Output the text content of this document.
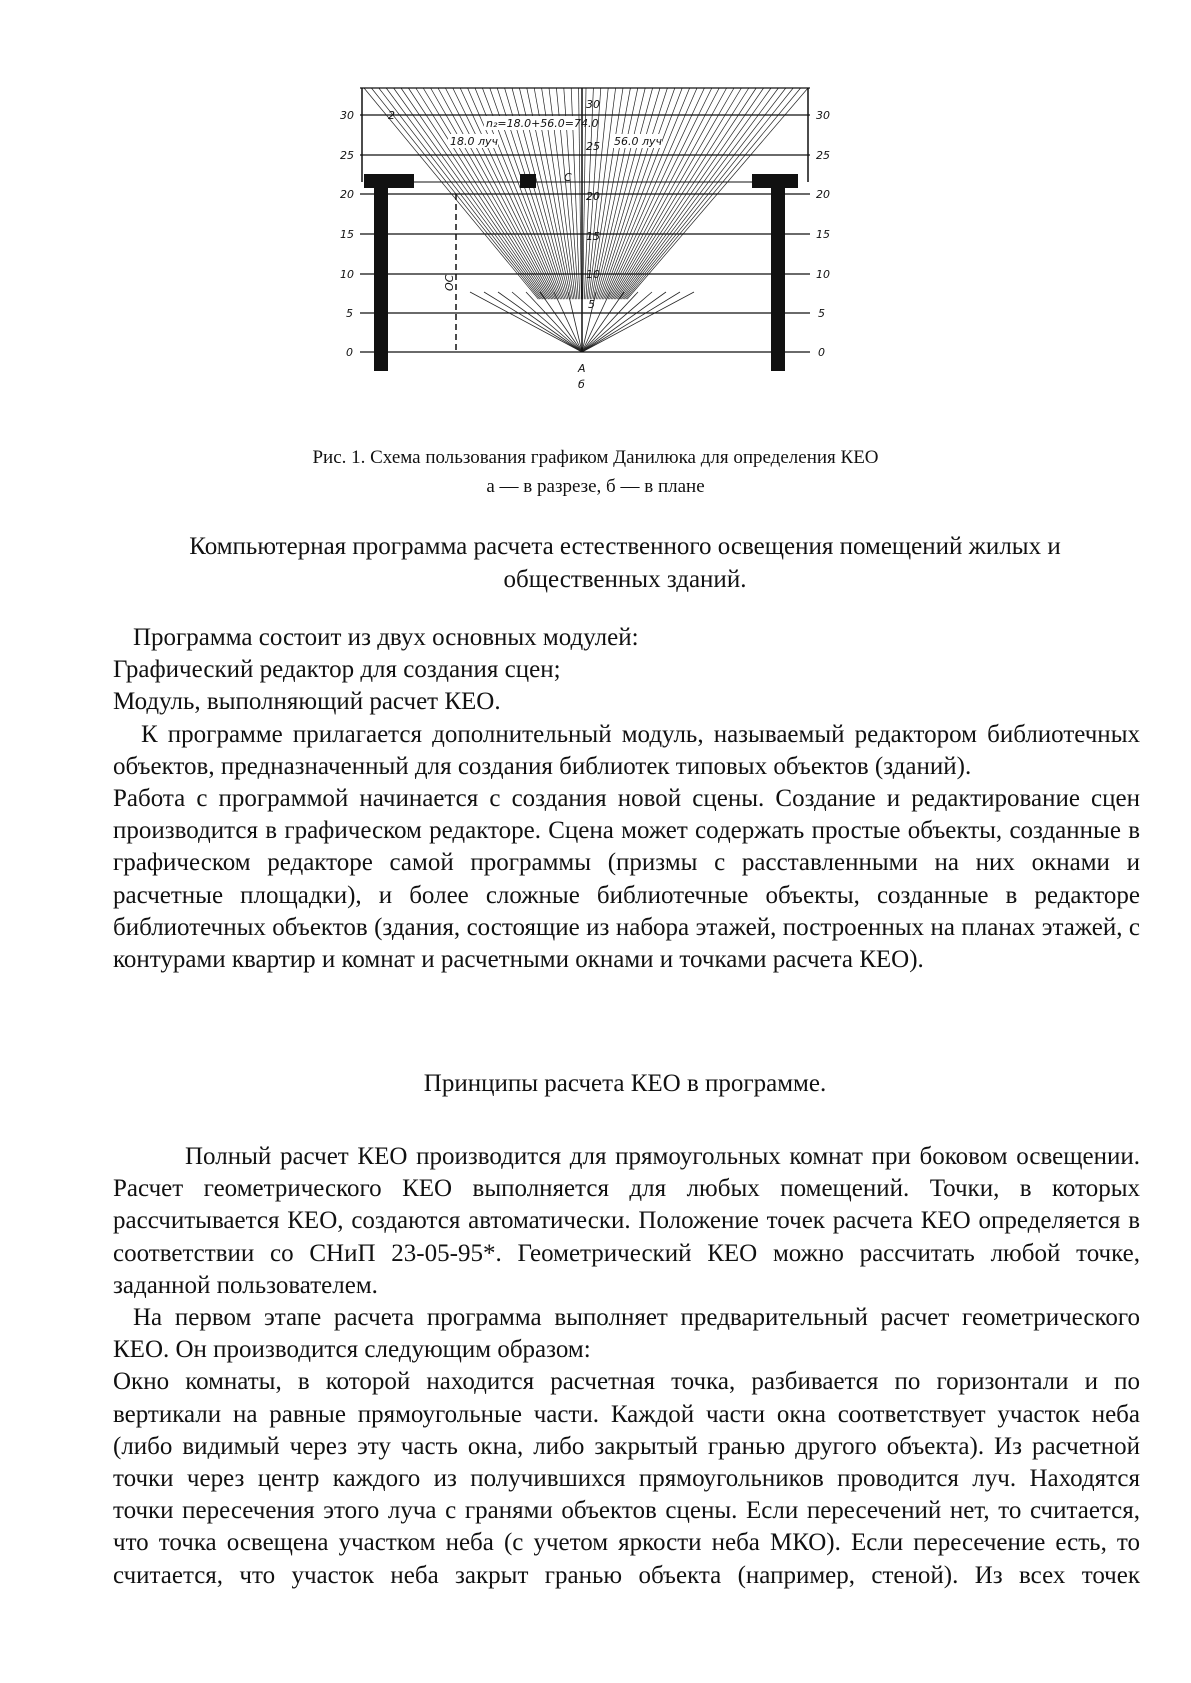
30
25
20
15
10
5
0
30
25
20
15
10
5
0
30
25
20
15
10
5
n₂=18.0+56.0=74.0
18.0 луч	56.0 луч
2
C
OC
A
б
Рис. 1. Схема пользования графиком Данилюка для определения КЕО
а — в разрезе, б — в плане
Компьютерная программа расчета естественного освещения помещений жилых и
общественных зданий.

Программа состоит из двух основных модулей:

Графический редактор для создания сцен;

Модуль, выполняющий расчет КЕО.

К программе прилагается дополнительный модуль, называемый редактором библиотечных объектов, предназначенный для создания библиотек типовых объектов (зданий).

Работа с программой начинается с создания новой сцены. Создание и редактирование сцен производится в графическом редакторе. Сцена может содержать простые объекты, созданные в графическом редакторе самой программы (призмы с расставленными на них окнами и расчетные площадки), и более сложные библиотечные объекты, созданные в редакторе библиотечных объектов (здания, состоящие из набора этажей, построенных на планах этажей, с контурами квартир и комнат и расчетными окнами и точками расчета КЕО).

Принципы расчета КЕО в программе.

Полный расчет КЕО производится для прямоугольных комнат при боковом освещении. Расчет геометрического КЕО выполняется для любых помещений. Точки, в которых рассчитывается КЕО, создаются автоматически. Положение точек расчета КЕО определяется в соответствии со СНиП 23-05-95*. Геометрический КЕО можно рассчитать любой точке, заданной пользователем.

На первом этапе расчета программа выполняет предварительный расчет геометрического КЕО. Он производится следующим образом:

Окно комнаты, в которой находится расчетная точка, разбивается по горизонтали и по вертикали на равные прямоугольные части. Каждой части окна соответствует участок неба (либо видимый через эту часть окна, либо закрытый гранью другого объекта). Из расчетной точки через центр каждого из получившихся прямоугольников проводится луч. Находятся точки пересечения этого луча с гранями объектов сцены. Если пересечений нет, то считается, что точка освещена участком неба (с учетом яркости неба МКО). Если пересечение есть, то считается, что участок неба закрыт гранью объекта (например, стеной). Из всех точек
